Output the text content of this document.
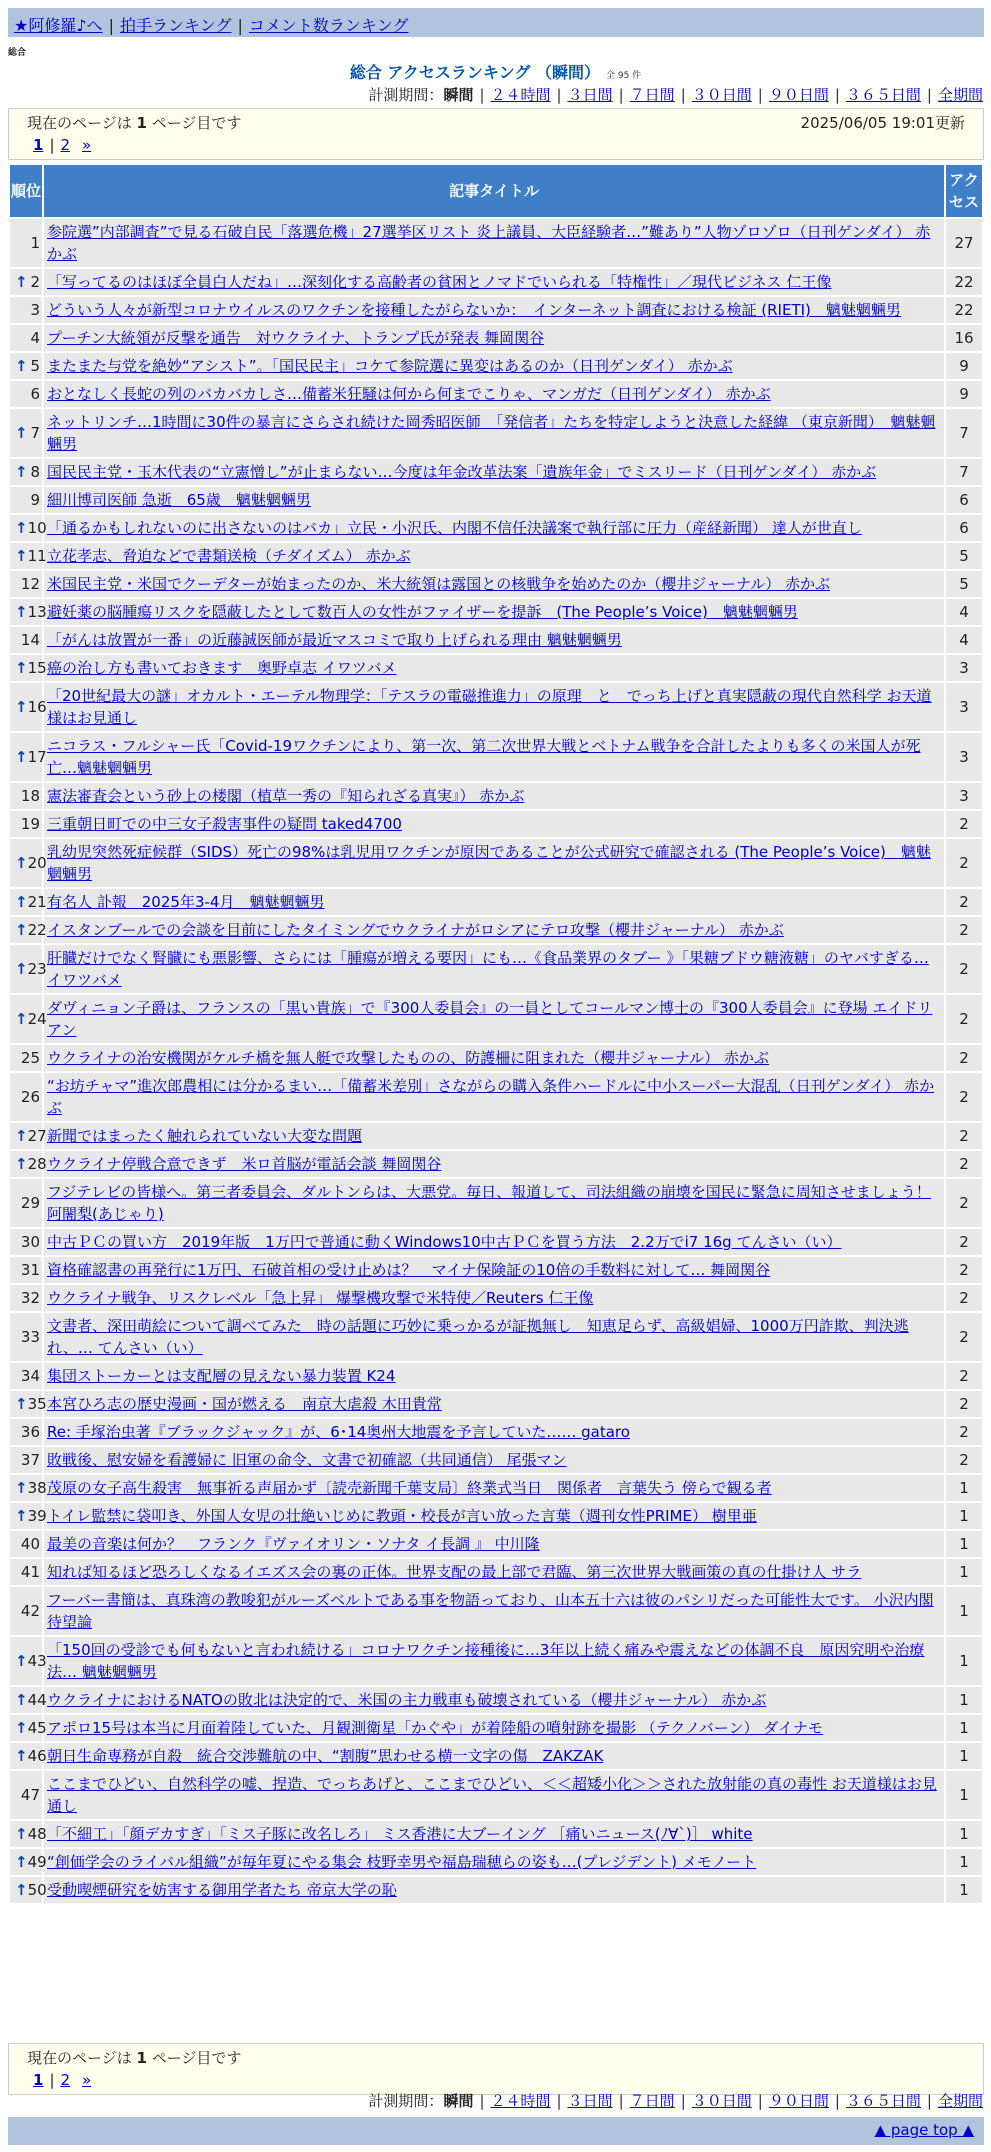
★阿修羅♪へ | 拍手ランキング | コメント数ランキング
総合
総合 アクセスランキング （瞬間） 全 95 件
計測期間：瞬間 | ２４時間 | ３日間 | ７日間 | ３０日間 | ９０日間 | ３６５日間 | 全期間
現在のページは 1 ページ目です	2025/06/05 19:01更新
1 | 2 »
順位	記事タイトル	アクセス
1	参院選”内部調査”で見る石破自民「落選危機」27選挙区リスト 炎上議員、大臣経験者…”難あり”人物ゾロゾロ（日刊ゲンダイ） 赤かぶ	27

↑ 2	「写ってるのはほぼ全員白人だね」…深刻化する高齢者の貧困とノマドでいられる「特権性」／現代ビジネス 仁王像	22
3	どういう人々が新型コロナウイルスのワクチンを接種したがらないか：　インターネット調査における検証 (RIETI)　魑魅魍魎男	22
4	プーチン大統領が反撃を通告　対ウクライナ、トランプ氏が発表 舞岡関谷	16

↑ 5	またまた与党を絶妙“アシスト”。「国民民主」コケて参院選に異変はあるのか（日刊ゲンダイ） 赤かぶ	9
6	おとなしく長蛇の列のバカバカしさ…備蓄米狂騒は何から何までこりゃ、マンガだ（日刊ゲンダイ） 赤かぶ	9

↑ 7	ネットリンチ…1時間に30件の暴言にさらされ続けた岡秀昭医師　「発信者」たちを特定しようと決意した経緯 （東京新聞）　魑魅魍魎男	7

↑ 8	国民民主党・玉木代表の“立憲憎し”が止まらない…今度は年金改革法案「遺族年金」でミスリード（日刊ゲンダイ） 赤かぶ	7
9	細川博司医師 急逝　65歳　魑魅魍魎男	6

↑ 10	「通るかもしれないのに出さないのはバカ」立民・小沢氏、内閣不信任決議案で執行部に圧力（産経新聞） 達人が世直し	6

↑ 11	立花孝志、脅迫などで書類送検（チダイズム） 赤かぶ	5
12	米国民主党・米国でクーデターが始まったのか、米大統領は露国との核戦争を始めたのか（櫻井ジャーナル） 赤かぶ	5

↑ 13	避妊薬の脳腫瘍リスクを隠蔽したとして数百人の女性がファイザーを提訴　(The People’s Voice)　魑魅魍魎男	4
14	「がんは放置が一番」の近藤誠医師が最近マスコミで取り上げられる理由 魑魅魍魎男	4

↑ 15	癌の治し方も書いておきます　奥野卓志 イワツバメ	3

↑ 16	「20世紀最大の謎」オカルト・エーテル物理学：「テスラの電磁推進力」の原理　と　でっち上げと真実隠蔽の現代自然科学 お天道様はお見通し	3

↑ 17	ニコラス・フルシャー氏「Covid-19ワクチンにより、第一次、第二次世界大戦とベトナム戦争を合計したよりも多くの米国人が死亡…魑魅魍魎男	3
18	憲法審査会という砂上の楼閣（植草一秀の『知られざる真実』） 赤かぶ	3
19	三重朝日町での中三女子殺害事件の疑問 taked4700	2

↑ 20	乳幼児突然死症候群（SIDS）死亡の98%は乳児用ワクチンが原因であることが公式研究で確認される (The People’s Voice)　魑魅魍魎男	2

↑ 21	有名人 訃報　2025年3-4月　魑魅魍魎男	2

↑ 22	イスタンブールでの会談を目前にしたタイミングでウクライナがロシアにテロ攻撃（櫻井ジャーナル） 赤かぶ	2

↑ 23	肝臓だけでなく腎臓にも悪影響、さらには「腫瘍が増える要因」にも…《食品業界のタブー 》「果糖ブドウ糖液糖」のヤバすぎる… イワツバメ	2

↑ 24	ダヴィニョン子爵は、フランスの「黒い貴族」で『300人委員会』の一員としてコールマン博士の『300人委員会』に登場 エイドリアン	2
25	ウクライナの治安機関がケルチ橋を無人艇で攻撃したものの、防護柵に阻まれた（櫻井ジャーナル） 赤かぶ	2
26	“お坊チャマ”進次郎農相には分かるまい…「備蓄米差別」さながらの購入条件ハードルに中小スーパー大混乱（日刊ゲンダイ） 赤かぶ	2

↑ 27	新聞ではまったく触れられていない大変な問題	2

↑ 28	ウクライナ停戦合意できず　米ロ首脳が電話会談 舞岡関谷	2
29	フジテレビの皆様へ。第三者委員会、ダルトンらは、大悪党。毎日、報道して、司法組織の崩壊を国民に緊急に周知させましょう！ 阿闍梨(あじゃり)	2
30	中古ＰＣの買い方　2019年版　1万円で普通に動くWindows10中古ＰＣを買う方法　2.2万でi7 16g てんさい（い）	2
31	資格確認書の再発行に1万円、石破首相の受け止めは？　マイナ保険証の10倍の手数料に対して… 舞岡関谷	2
32	ウクライナ戦争、リスクレベル「急上昇」 爆撃機攻撃で米特使／Reuters 仁王像	2
33	文書者、深田萌絵について調べてみた　時の話題に巧妙に乗っかるが証拠無し　知恵足らず、高級娼婦、1000万円詐欺、判決逃れ、… てんさい（い）	2
34	集団ストーカーとは支配層の見えない暴力装置 K24	2

↑ 35	本宮ひろ志の歴史漫画・国が燃える　南京大虐殺 木田貴常	2
36	Re: 手塚治虫著『ブラックジャック』が、6･14奥州大地震を予言していた…… gataro	2
37	敗戦後、慰安婦を看護婦に 旧軍の命令、文書で初確認（共同通信） 尾張マン	2

↑ 38	茂原の女子高生殺害　無事祈る声届かず〔読売新聞千葉支局〕終業式当日　関係者　言葉失う 傍らで観る者	1

↑ 39	トイレ監禁に袋叩き、外国人女児の壮絶いじめに教頭・校長が言い放った言葉（週刊女性PRIME） 樹里亜	1
40	最美の音楽は何か？　フランク『ヴァイオリン・ソナタ イ長調 』 中川隆	1
41	知れば知るほど恐ろしくなるイエズス会の裏の正体。世界支配の最上部で君臨、第三次世界大戦画策の真の仕掛け人 サラ	1
42	フーバー書簡は、真珠湾の教唆犯がルーズベルトである事を物語っており、山本五十六は彼のパシリだった可能性大です。 小沢内閣待望論	1

↑ 43	「150回の受診でも何もないと言われ続ける」コロナワクチン接種後に…3年以上続く痛みや震えなどの体調不良　原因究明や治療法… 魑魅魍魎男	1

↑ 44	ウクライナにおけるNATOの敗北は決定的で、米国の主力戦車も破壊されている（櫻井ジャーナル） 赤かぶ	1

↑ 45	アポロ15号は本当に月面着陸していた、月観測衛星「かぐや」が着陸船の噴射跡を撮影 （テクノバーン） ダイナモ	1

↑ 46	朝日生命専務が自殺　統合交渉難航の中、“割腹”思わせる横一文字の傷　ZAKZAK	1
47	ここまでひどい、自然科学の嘘、捏造、でっちあげと、ここまでひどい、＜＜超矮小化＞＞された放射能の真の毒性 お天道様はお見通し	1

↑ 48	「不細工」「顔デカすぎ」「ミス子豚に改名しろ」 ミス香港に大ブーイング ［痛いニュース(ﾉ∀`)］ white	1

↑ 49	“創価学会のライバル組織”が毎年夏にやる集会 枝野幸男や福島瑞穂らの姿も…(プレジデント) メモノート	1

↑ 50	受動喫煙研究を妨害する御用学者たち 帝京大学の恥	1
現在のページは 1 ページ目です
1 | 2 »
計測期間：瞬間 | ２４時間 | ３日間 | ７日間 | ３０日間 | ９０日間 | ３６５日間 | 全期間
▲ page top ▲
